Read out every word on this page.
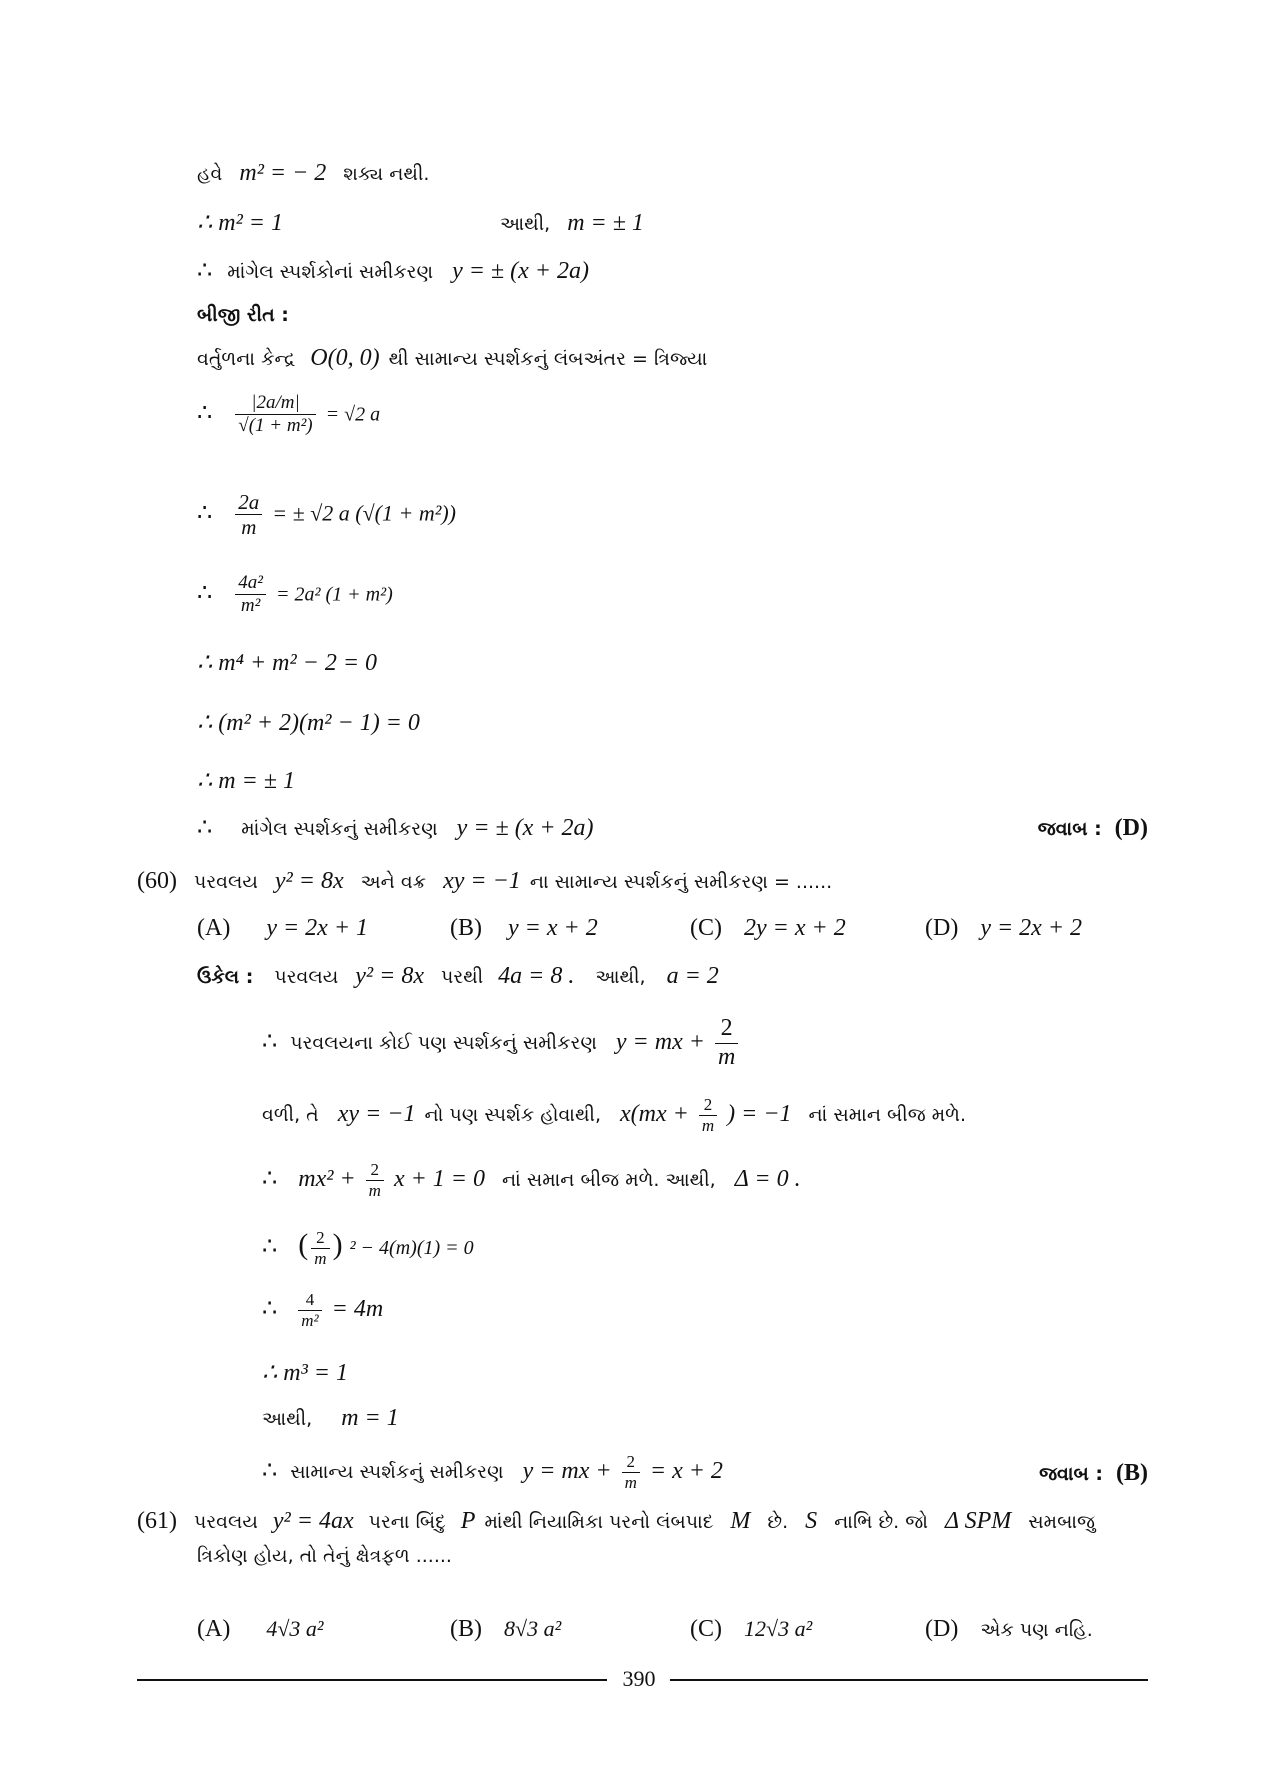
હવે m² = − 2 શક્ય નથી.
∴ m² = 1	આથી, m = ± 1
∴ માંગેલ સ્પર્શકોનાં સમીકરણ y = ± (x + 2a)
બીજી રીત :
વર્તુળના કેન્દ્ર O(0, 0) થી સામાન્ય સ્પર્શકનું લંબઅંતર = ત્રિજ્યા
∴ $\frac{|2a/m|}{\text{√(1 + m²)}} = √2$ a
∴ $\frac{2a}{m}$ = ± √2 a (√(1 + m²))
∴ $\frac{\text{4a²}}{\text{m²}} = 2a^2$ (1 + m²)
∴ m⁴ + m² − 2 = 0
∴ (m² + 2)(m² − 1) = 0
∴ m = ± 1
∴ માંગેલ સ્પર્શકનું સમીકરણ y = ± (x + 2a)	જવાબ : (D)
(60) પરવલય y² = 8x અને વક્ર xy = −1 ના સામાન્ય સ્પર્શકનું સમીકરણ = ......
(A) y = 2x + 1	(B) y = x + 2	(C) 2y = x + 2	(D) y = 2x + 2
ઉકેલ : પરવલય y² = 8x પરથી 4a = 8 . આથી, a = 2
∴ પરવલયના કોઈ પણ સ્પર્શકનું સમીકરણ y = mx + $\frac{2}{m}$
વળી, તે xy = −1 નો પણ સ્પર્શક હોવાથી, $x(mx + \frac{2}{m}$ ) = −1 નાં સમાન બીજ મળે.
∴ $mx^2 + \frac{2}{m}$ x + 1 = 0 નાં સમાન બીજ મળે. આથી, Δ = 0 .
∴ ( $\frac{2}{m}$ ) ² − 4(m)(1) = 0
∴ $\frac{4}{\text{m²}} = 4m$
∴ m³ = 1
આથી, m = 1
∴ સામાન્ય સ્પર્શકનું સમીકરણ y = mx + $\frac{2}{m} = x + 2$	જવાબ : (B)
(61) પરવલય y² = 4ax પરના બિંદુ P માંથી નિયામિકા પરનો લંબપાદ M છે. S નાભિ છે. જો Δ SPM સમબાજુ
ત્રિકોણ હોય, તો તેનું ક્ષેત્રફળ ......
(A) 4√3 a²	(B) 8√3 a²	(C) 12√3 a²	(D) એક પણ નહિ.
390
